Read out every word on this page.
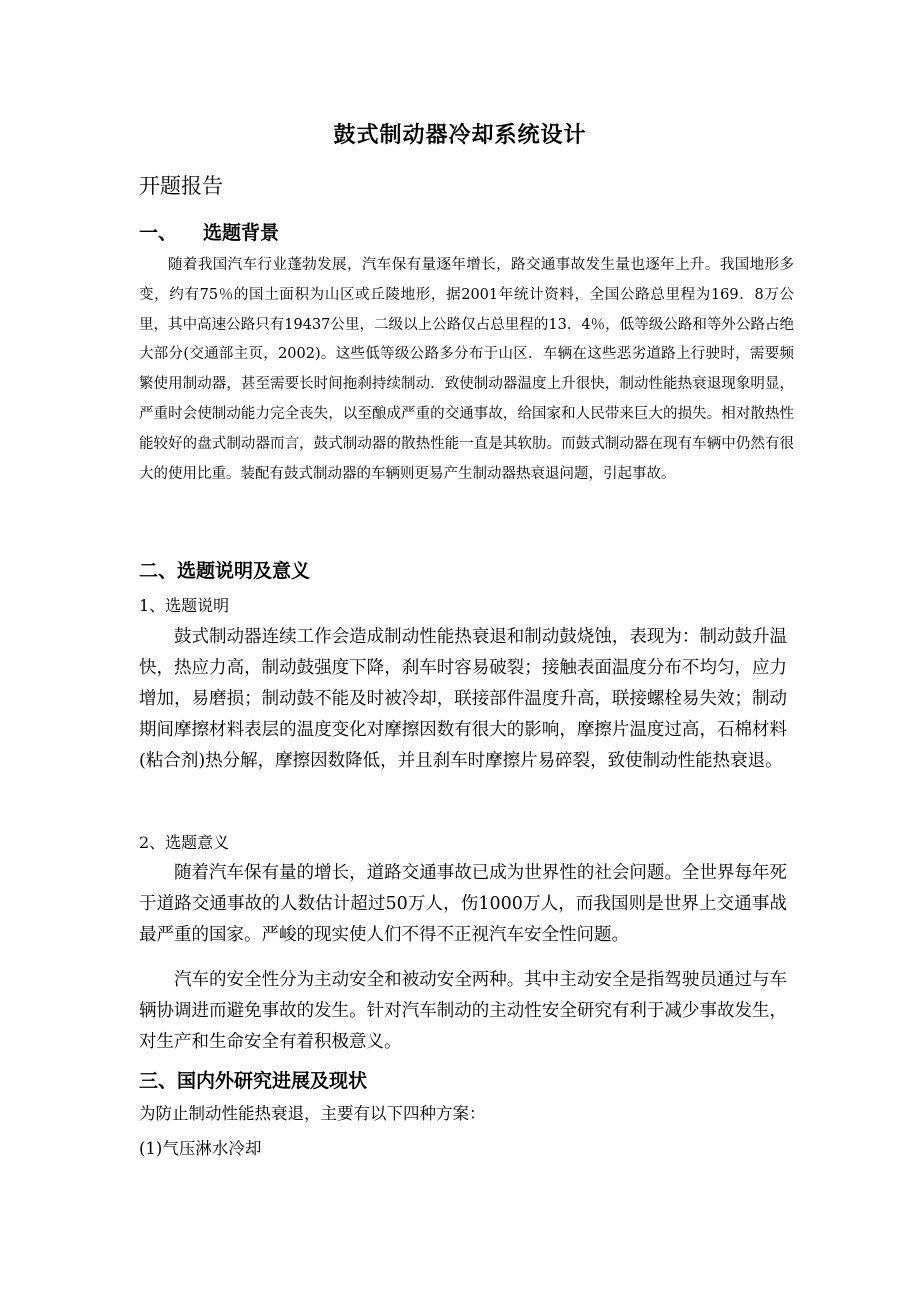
鼓式制动器冷却系统设计
开题报告
一、 选题背景

随着我国汽车行业蓬勃发展，汽车保有量逐年增长，路交通事故发生量也逐年上升。我国地形多变，约有75％的国土面积为山区或丘陵地形，据2001年统计资料，全国公路总里程为169．8万公里，其中高速公路只有19437公里，二级以上公路仅占总里程的13．4％，低等级公路和等外公路占绝大部分(交通部主页，2002)。这些低等级公路多分布于山区．车辆在这些恶劣道路上行驶时，需要频繁使用制动器，甚至需要长时间拖刹持续制动．致使制动器温度上升很快，制动性能热衰退现象明显，严重时会使制动能力完全丧失，以至酿成严重的交通事故，给国家和人民带来巨大的损失。相对散热性能较好的盘式制动器而言，鼓式制动器的散热性能一直是其软肋。而鼓式制动器在现有车辆中仍然有很大的使用比重。装配有鼓式制动器的车辆则更易产生制动器热衰退问题，引起事故。

二、选题说明及意义
1、选题说明

鼓式制动器连续工作会造成制动性能热衰退和制动鼓烧蚀，表现为：制动鼓升温快，热应力高，制动鼓强度下降，刹车时容易破裂；接触表面温度分布不均匀，应力增加，易磨损；制动鼓不能及时被冷却，联接部件温度升高，联接螺栓易失效；制动期间摩擦材料表层的温度变化对摩擦因数有很大的影响，摩擦片温度过高，石棉材料(粘合剂)热分解，摩擦因数降低，并且刹车时摩擦片易碎裂，致使制动性能热衰退。

2、选题意义

随着汽车保有量的增长，道路交通事故已成为世界性的社会问题。全世界每年死于道路交通事故的人数估计超过50万人，伤1000万人，而我国则是世界上交通事战最严重的国家。严峻的现实使人们不得不正视汽车安全性问题。

汽车的安全性分为主动安全和被动安全两种。其中主动安全是指驾驶员通过与车辆协调进而避免事故的发生。针对汽车制动的主动性安全研究有利于减少事故发生，对生产和生命安全有着积极意义。

三、国内外研究进展及现状
为防止制动性能热衰退，主要有以下四种方案：
(1)气压淋水冷却
